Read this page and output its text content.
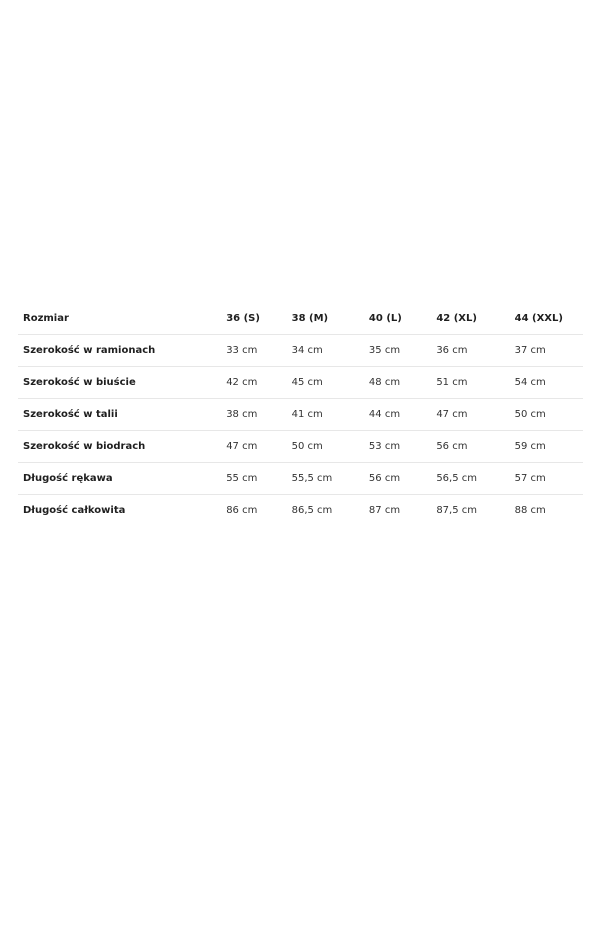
Rozmiar	36 (S)	38 (M)	40 (L)	42 (XL)	44 (XXL)
Szerokość w ramionach	33 cm	34 cm	35 cm	36 cm	37 cm
Szerokość w biuście	42 cm	45 cm	48 cm	51 cm	54 cm
Szerokość w talii	38 cm	41 cm	44 cm	47 cm	50 cm
Szerokość w biodrach	47 cm	50 cm	53 cm	56 cm	59 cm
Długość rękawa	55 cm	55,5 cm	56 cm	56,5 cm	57 cm
Długość całkowita	86 cm	86,5 cm	87 cm	87,5 cm	88 cm
